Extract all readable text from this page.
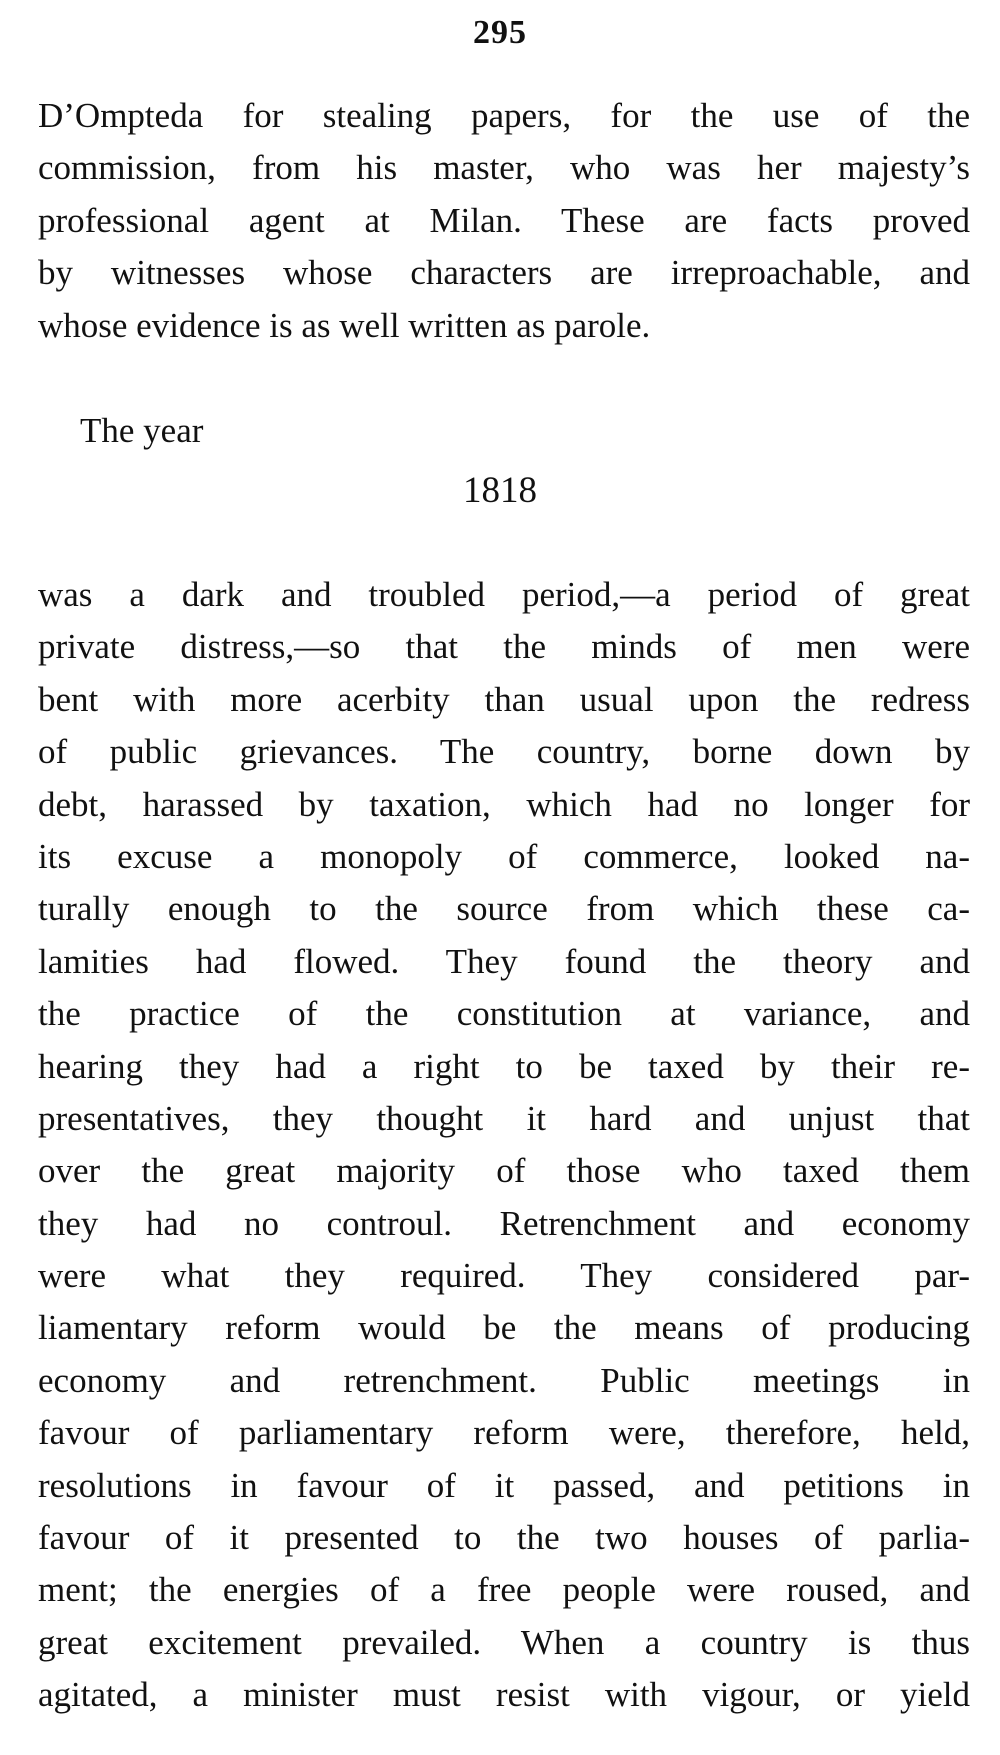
295
D’Ompteda for stealing papers, for the use of the
commission, from his master, who was her majesty’s
professional agent at Milan. These are facts proved
by witnesses whose characters are irreproachable, and
whose evidence is as well written as parole.
The year
1818
was a dark and troubled period,—a period of great
private distress,—so that the minds of men were
bent with more acerbity than usual upon the redress
of public grievances. The country, borne down by
debt, harassed by taxation, which had no longer for
its excuse a monopoly of commerce, looked na-
turally enough to the source from which these ca-
lamities had flowed. They found the theory and
the practice of the constitution at variance, and
hearing they had a right to be taxed by their re-
presentatives, they thought it hard and unjust that
over the great majority of those who taxed them
they had no controul. Retrenchment and economy
were what they required. They considered par-
liamentary reform would be the means of producing
economy and retrenchment. Public meetings in
favour of parliamentary reform were, therefore, held,
resolutions in favour of it passed, and petitions in
favour of it presented to the two houses of parlia-
ment; the energies of a free people were roused, and
great excitement prevailed. When a country is thus
agitated, a minister must resist with vigour, or yield
